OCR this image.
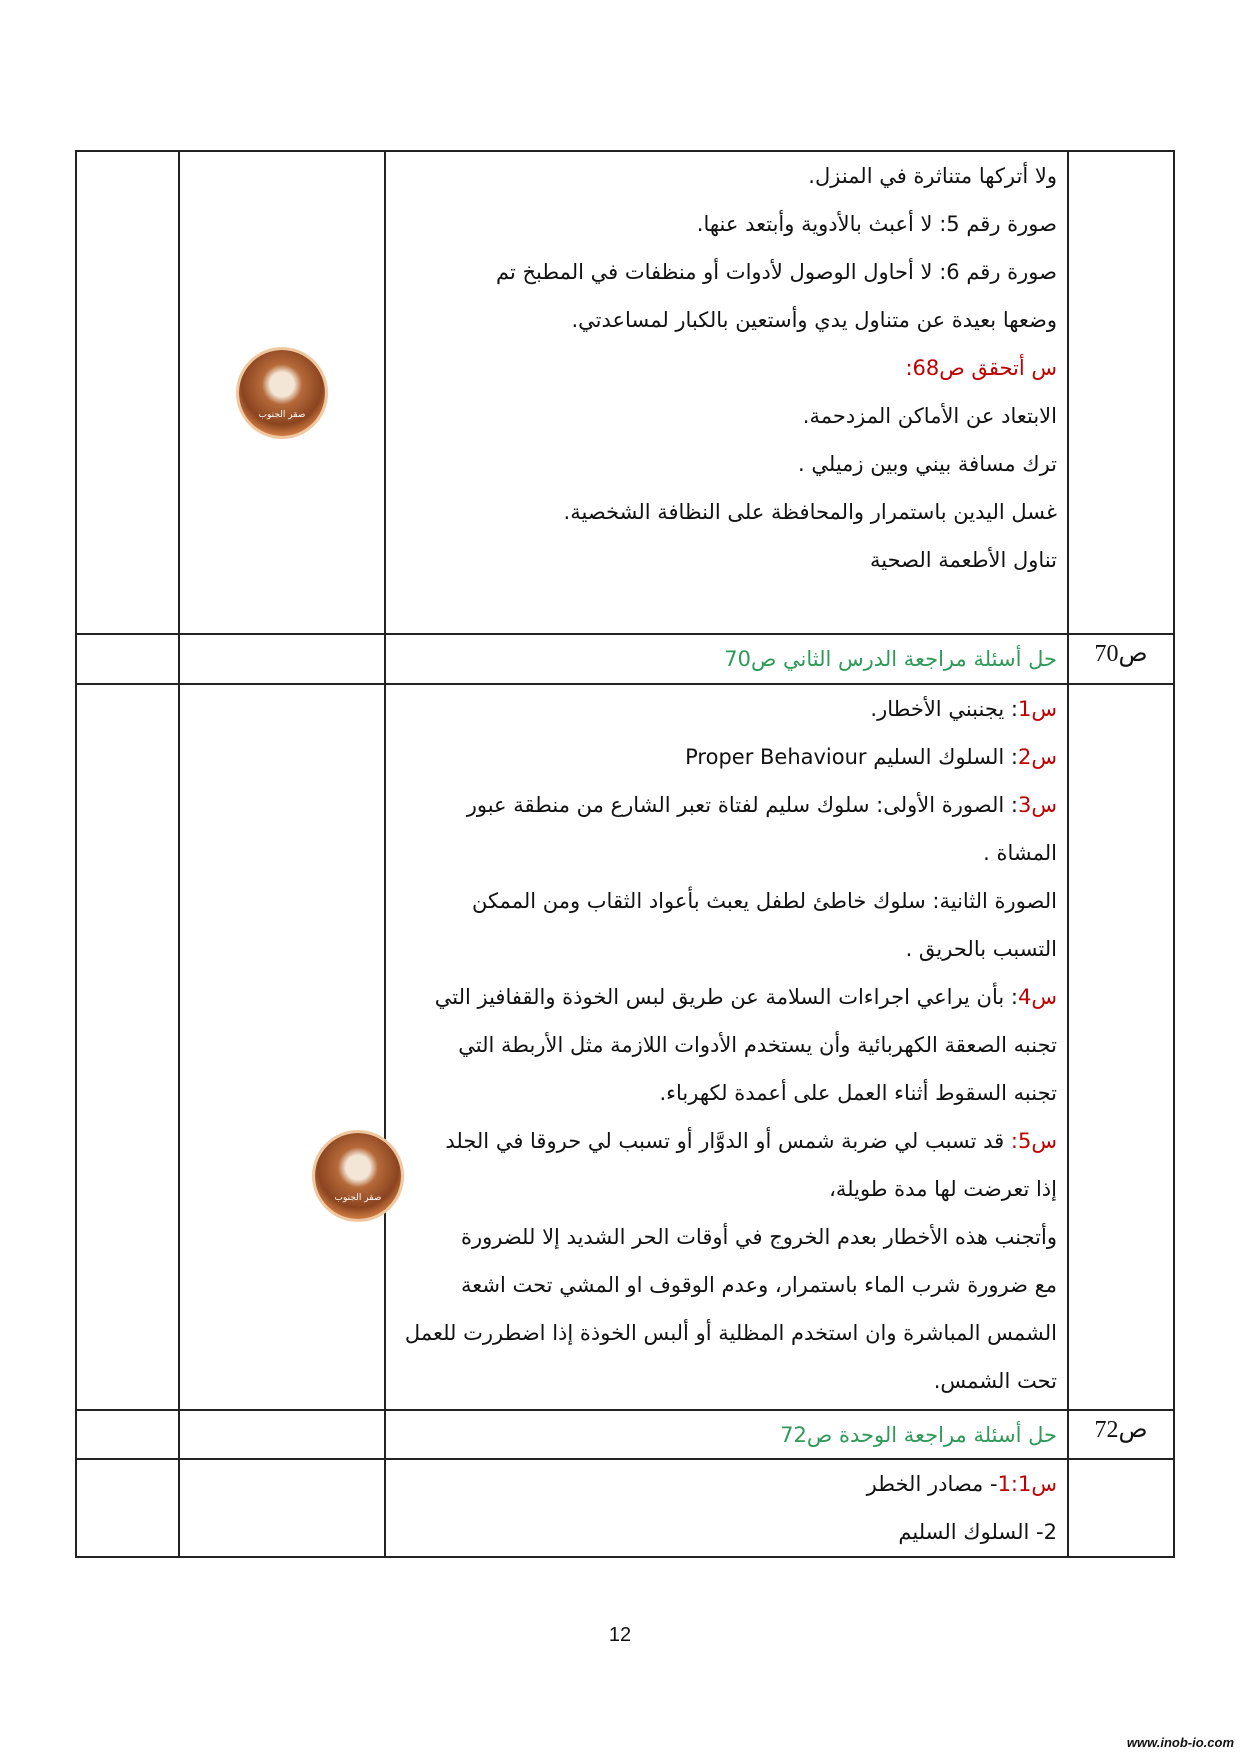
ولا أتركها متناثرة في المنزل.
صورة رقم 5: لا أعبث بالأدوية وأبتعد عنها.
صورة رقم 6: لا أحاول الوصول لأدوات أو منظفات في المطبخ تم
وضعها بعيدة عن متناول يدي وأستعين بالكبار لمساعدتي.
س أتحقق ص68:
الابتعاد عن الأماكن المزدحمة.
ترك مسافة بيني وبين زميلي .
غسل اليدين باستمرار والمحافظة على النظافة الشخصية.
تناول الأطعمة الصحية
صقر الجنوب
ص70
حل أسئلة مراجعة الدرس الثاني ص70
س1: يجنبني الأخطار.
س2: السلوك السليم Proper Behaviour
س3: الصورة الأولى: سلوك سليم لفتاة تعبر الشارع من منطقة عبور
المشاة .
الصورة الثانية: سلوك خاطئ لطفل يعبث بأعواد الثقاب ومن الممكن
التسبب بالحريق .
س4: بأن يراعي اجراءات السلامة عن طريق لبس الخوذة والقفافيز التي
تجنبه الصعقة الكهربائية وأن يستخدم الأدوات اللازمة مثل الأربطة التي
تجنبه السقوط أثناء العمل على أعمدة لكهرباء.
س5: قد تسبب لي ضربة شمس أو الدوَّار أو تسبب لي حروقا في الجلد
إذا تعرضت لها مدة طويلة،
وأتجنب هذه الأخطار بعدم الخروج في أوقات الحر الشديد إلا للضرورة
مع ضرورة شرب الماء باستمرار، وعدم الوقوف او المشي تحت اشعة
الشمس المباشرة وان استخدم المظلية أو ألبس الخوذة إذا اضطررت للعمل
تحت الشمس.
صقر الجنوب
ص72
حل أسئلة مراجعة الوحدة ص72
س1:1- مصادر الخطر
2- السلوك السليم
12
www.inob-io.com
